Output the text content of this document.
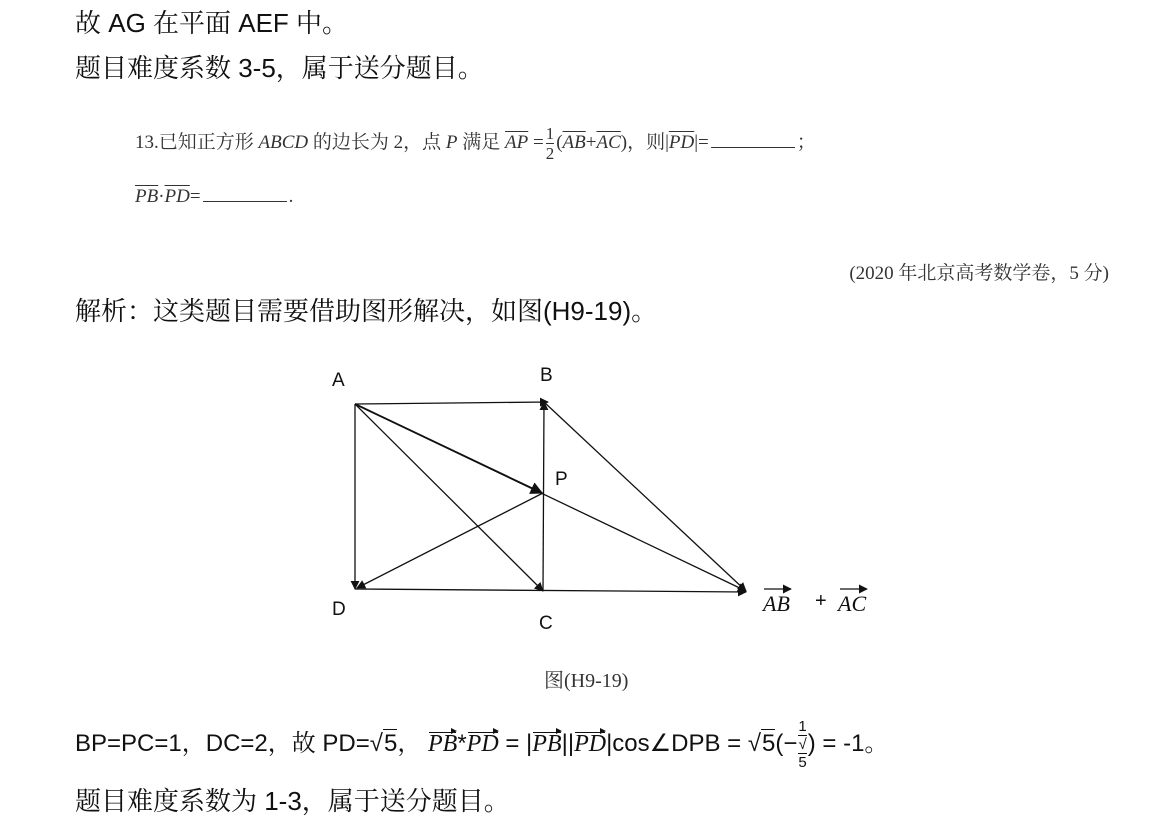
故 AG 在平面 AEF 中。
题目难度系数 3-5，属于送分题目。
13.已知正方形 ABCD 的边长为 2，点 P 满足 $\overline{AP} = \frac{1}{2} (\overline{AB}+\overline{AC})$，则$|\overline{PD}|=$	；
$\overline{PB}\cdot\overline{PD}=$	.
(2020 年北京高考数学卷，5 分)
解析：这类题目需要借助图形解决，如图(H9-19)。
A	B
P
D
C
AB + AC
图(H9-19)
BP=PC=1，DC=2，故 PD=√5， PB*PD = |PB||PD|cos∠DPB = √5(− 1
√
5 ) = -1。
题目难度系数为 1-3，属于送分题目。
